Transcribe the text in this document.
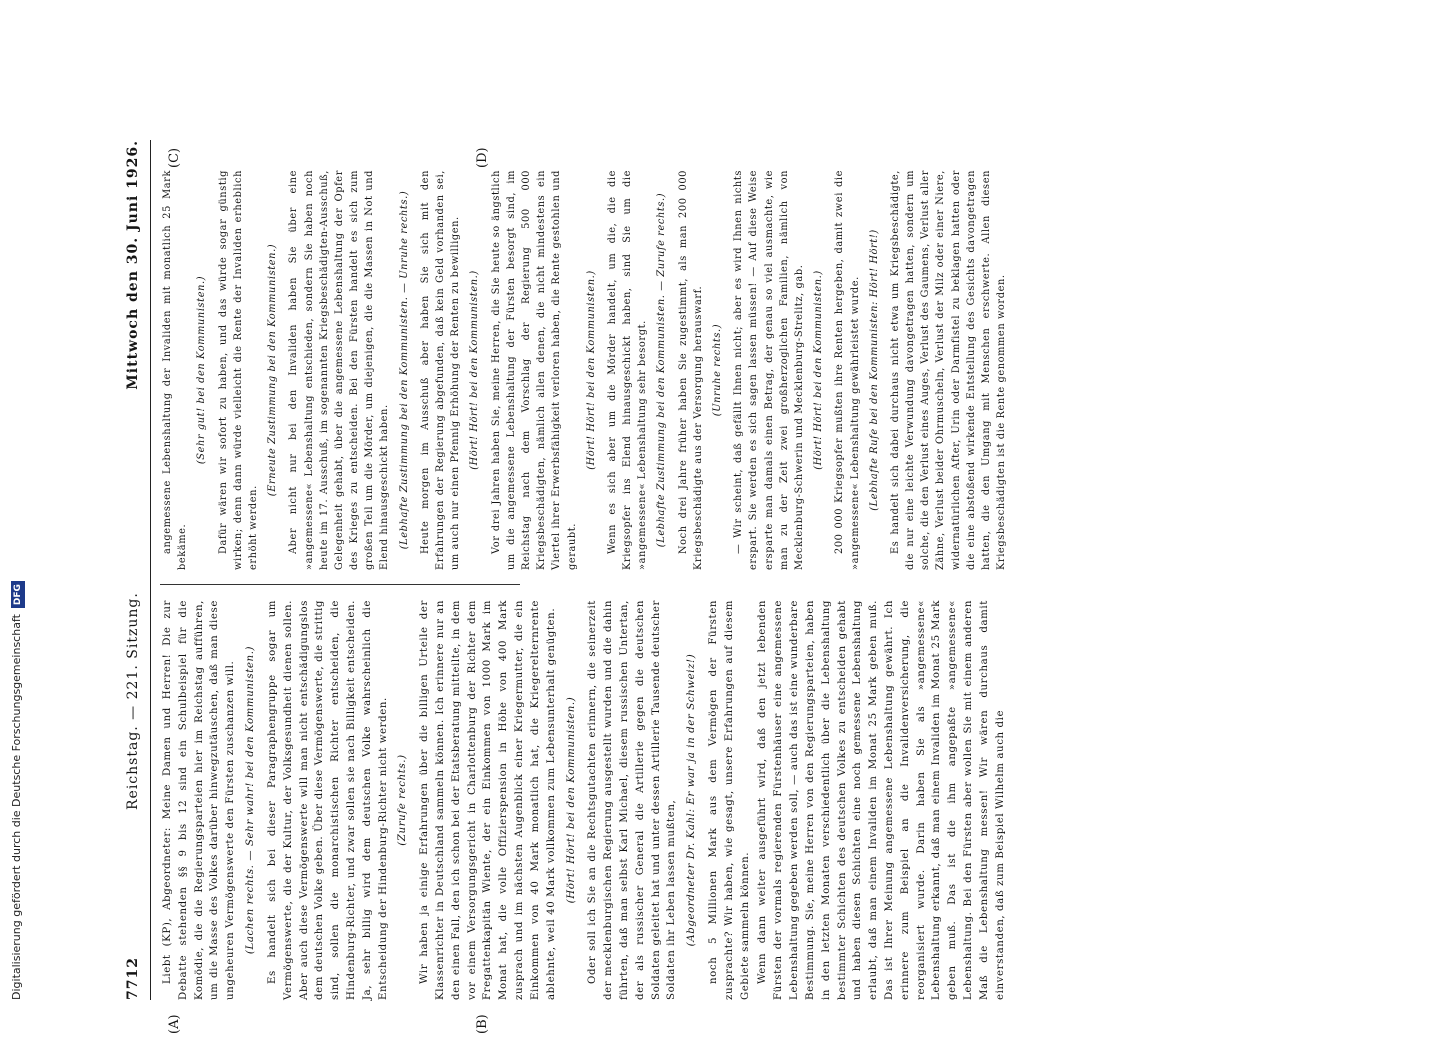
Digitalisierung gefördert durch die Deutsche ForschungsgemeinschaftDFG
7712
Reichstag. — 221. Sitzung.
Mittwoch den 30. Juni 1926.
(A)	(B)
(C)	(D)

Liebt (KP), Abgeordneter: Meine Damen und Herren! Die zur Debatte stehenden §§ 9 bis 12 sind ein Schulbeispiel für die Komödie, die die Regierungsparteien hier im Reichstag aufführen, um die Masse des Volkes darüber hinwegzutäuschen, daß man diese ungeheuren Vermögenswerte den Fürsten zuschanzen will. (Lachen rechts. — Sehr wahr! bei den Kommunisten.) Es handelt sich bei dieser Paragraphengruppe sogar um Vermögenswerte, die der Kultur, der Volksgesundheit dienen sollen. Aber auch diese Vermögenswerte will man nicht entschädigungslos dem deutschen Volke geben. Über diese Vermögenswerte, die strittig sind, sollen die monarchistischen Richter entscheiden, die Hindenburg-Richter, und zwar sollen sie nach Billigkeit entscheiden. Ja, sehr billig wird dem deutschen Volke wahrscheinlich die Entscheidung der Hindenburg-Richter nicht werden. (Zurufe rechts.) Wir haben ja einige Erfahrungen über die billigen Urteile der Klassenrichter in Deutschland sammeln können. Ich erinnere nur an den einen Fall, den ich schon bei der Etatsberatung mitteilte, in dem vor einem Versorgungsgericht in Charlottenburg der Richter dem Fregattenkapitän Wiente, der ein Einkommen von 1000 Mark im Monat hat, die volle Offizierspension in Höhe von 400 Mark zusprach und im nächsten Augenblick einer Kriegermutter, die ein Einkommen von 40 Mark monatlich hat, die Kriegerelternrente ablehnte, weil 40 Mark vollkommen zum Lebensunterhalt genügten. (Hört! Hört! bei den Kommunisten.) Oder soll ich Sie an die Rechtsgutachten erinnern, die seinerzeit der mecklenburgischen Regierung ausgestellt wurden und die dahin führten, daß man selbst Karl Michael, diesem russischen Untertan, der als russischer General die Artillerie gegen die deutschen Soldaten geleitet hat und unter dessen Artillerie Tausende deutscher Soldaten ihr Leben lassen mußten, (Abgeordneter Dr. Kahl: Er war ja in der Schweiz!) noch 5 Millionen Mark aus dem Vermögen der Fürsten zusprachte? Wir haben, wie gesagt, unsere Erfahrungen auf diesem Gebiete sammeln können. Wenn dann weiter ausgeführt wird, daß den jetzt lebenden Fürsten der vormals regierenden Fürstenhäuser eine angemessene Lebenshaltung gegeben werden soll, — auch das ist eine wunderbare Bestimmung. Sie, meine Herren von den Regierungsparteien, haben in den letzten Monaten verschiedentlich über die Lebenshaltung bestimmter Schichten des deutschen Volkes zu entscheiden gehabt und haben diesen Schichten eine noch gemessene Lebenshaltung erlaubt, daß man einem Invaliden im Monat 25 Mark geben muß. Das ist Ihrer Meinung angemessene Lebenshaltung gewährt. Ich erinnere zum Beispiel an die Invalidenversicherung, die reorganisiert wurde. Darin haben Sie als »angemessene« Lebenshaltung erkannt, daß man einem Invaliden im Monat 25 Mark geben muß. Das ist die ihm angepaßte »angemessene« Lebenshaltung. Bei den Fürsten aber wollen Sie mit einem anderen Maß die Lebenshaltung messen! Wir wären durchaus damit einverstanden, daß zum Beispiel Wilhelm auch die

angemessene Lebenshaltung der Invaliden mit monatlich 25 Mark bekäme.

(Sehr gut! bei den Kommunisten.) Dafür wären wir sofort zu haben, und das würde sogar günstig wirken; denn dann würde vielleicht die Rente der Invaliden erheblich erhöht werden.

(Erneute Zustimmung bei den Kommunisten.) Aber nicht nur bei den Invaliden haben Sie über eine »angemessene« Lebenshaltung entschieden, sondern Sie haben noch heute im 17. Ausschuß, im sogenannten Kriegsbeschädigten-Ausschuß, Gelegenheit gehabt, über die angemessene Lebenshaltung der Opfer des Krieges zu entscheiden. Bei den Fürsten handelt es sich zum großen Teil um die Mörder, um diejenigen, die die Massen in Not und Elend hinausgeschickt haben. (Lebhafte Zustimmung bei den Kommunisten. — Unruhe rechts.) Heute morgen im Ausschuß aber haben Sie sich mit den Erfahrungen der Regierung abgefunden, daß kein Geld vorhanden sei, um auch nur einen Pfennig Erhöhung der Renten zu bewilligen. (Hört! Hört! bei den Kommunisten.) Vor drei Jahren haben Sie, meine Herren, die Sie heute so ängstlich um die angemessene Lebenshaltung der Fürsten besorgt sind, im Reichstag nach dem Vorschlag der Regierung 500 000 Kriegsbeschädigten, nämlich allen denen, die nicht mindestens ein Viertel ihrer Erwerbsfähigkeit verloren haben, die Rente gestohlen und geraubt.

(Hört! Hört! bei den Kommunisten.) Wenn es sich aber um die Mörder handelt, um die, die die Kriegsopfer ins Elend hinausgeschickt haben, sind Sie um die »angemessene« Lebenshaltung sehr besorgt. (Lebhafte Zustimmung bei den Kommunisten. — Zurufe rechts.) Noch drei Jahre früher haben Sie zugestimmt, als man 200 000 Kriegsbeschädigte aus der Versorgung herauswarf. (Unruhe rechts.) — Wir scheint, daß gefällt Ihnen nicht; aber es wird Ihnen nichts erspart. Sie werden es sich sagen lassen müssen! — Auf diese Weise ersparte man damals einen Betrag, der genau so viel ausmachte, wie man zu der Zeit zwei großherzoglichen Familien, nämlich von Mecklenburg-Schwerin und Mecklenburg-Strelitz, gab. (Hört! Hört! bei den Kommunisten.) 200 000 Kriegsopfer mußten ihre Renten hergeben, damit zwei die »angemessene« Lebenshaltung gewährleistet wurde. (Lebhafte Rufe bei den Kommunisten: Hört! Hört!) Es handelt sich dabei durchaus nicht etwa um Kriegsbeschädigte, die nur eine leichte Verwundung davongetragen hatten, sondern um solche, die den Verlust eines Auges, Verlust des Gaumens, Verlust aller Zähne, Verlust beider Ohrmuscheln, Verlust der Milz oder einer Niere, widernatürlichen After, Urin oder Darmfistel zu beklagen hatten oder die eine abstoßend wirkende Entstellung des Gesichts davongetragen hatten, die den Umgang mit Menschen erschwerte. Allen diesen Kriegsbeschädigten ist die Rente genommen worden.
